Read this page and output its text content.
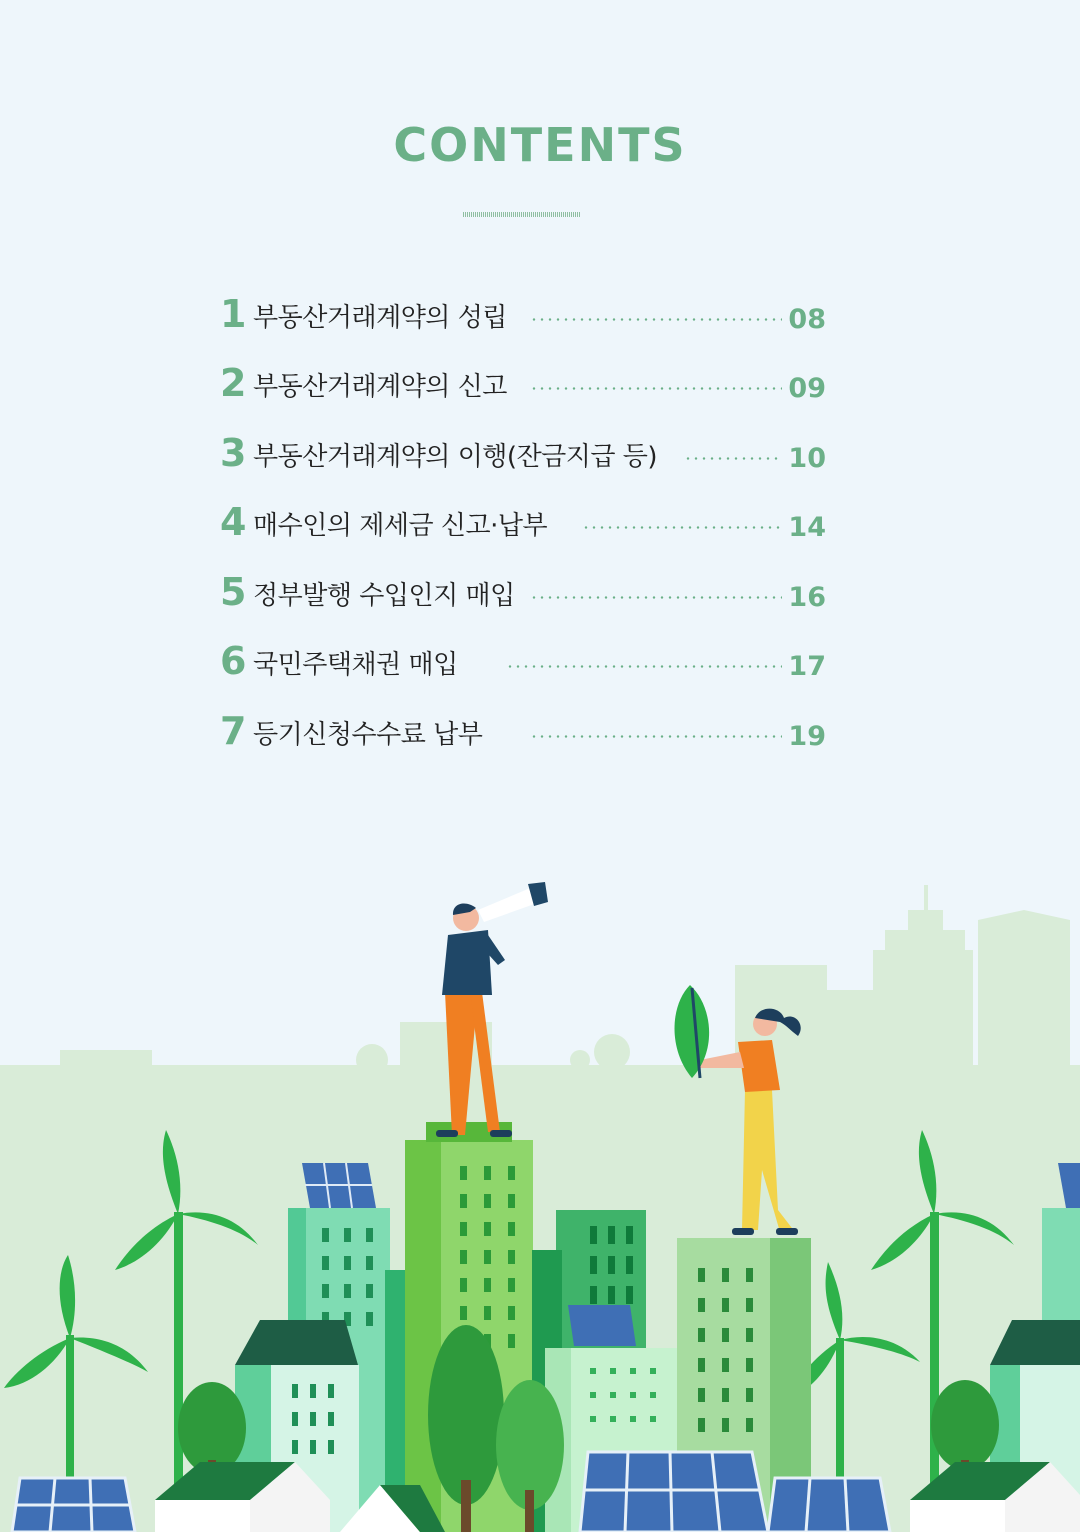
CONTENTS
1 부동산거래계약의 성립	08
2 부동산거래계약의 신고	09
3 부동산거래계약의 이행(잔금지급 등)	10
4 매수인의 제세금 신고·납부	14
5 정부발행 수입인지 매입	16
6 국민주택채권 매입	17
7 등기신청수수료 납부	19
